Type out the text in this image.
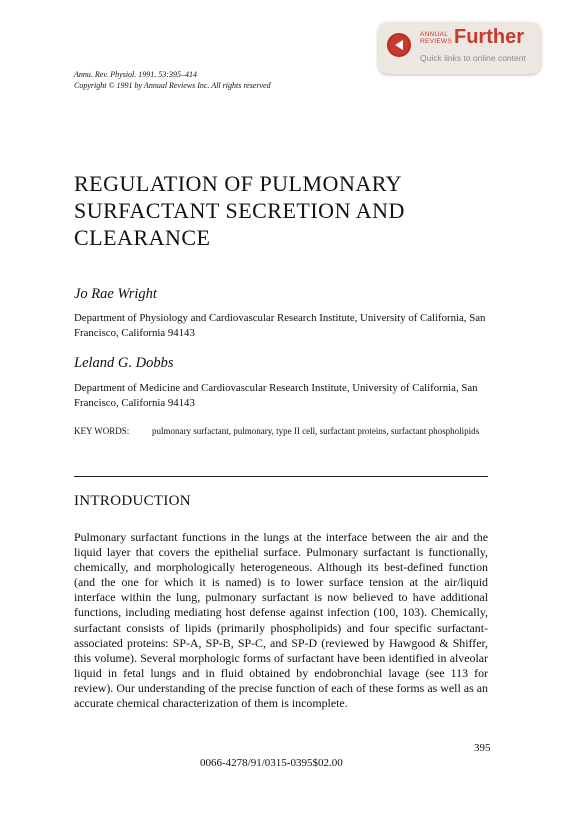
ANNUAL
REVIEWS Further
Quick links to online content
Annu. Rev. Physiol. 1991. 53:395–414
Copyright © 1991 by Annual Reviews Inc. All rights reserved
REGULATION OF PULMONARY SURFACTANT SECRETION AND CLEARANCE
Jo Rae Wright
Department of Physiology and Cardiovascular Research Institute, University of California, San Francisco, California 94143
Leland G. Dobbs
Department of Medicine and Cardiovascular Research Institute, University of California, San Francisco, California 94143
KEY WORDS:	pulmonary surfactant, pulmonary, type II cell, surfactant proteins, surfactant phospholipids
INTRODUCTION

Pulmonary surfactant functions in the lungs at the interface between the air and the liquid layer that covers the epithelial surface. Pulmonary surfactant is functionally, chemically, and morphologically heterogeneous. Although its best-defined function (and the one for which it is named) is to lower surface tension at the air/liquid interface within the lung, pulmonary surfactant is now believed to have additional functions, including mediating host defense against infection (100, 103). Chemically, surfactant consists of lipids (primarily phospholipids) and four specific surfactant-associated proteins: SP-A, SP-B, SP-C, and SP-D (reviewed by Hawgood & Shiffer, this volume). Several morphologic forms of surfactant have been identified in alveolar liquid in fetal lungs and in fluid obtained by endobronchial lavage (see 113 for review). Our understanding of the precise function of each of these forms as well as an accurate chemical characterization of them is incomplete.

395
0066-4278/91/0315-0395$02.00
